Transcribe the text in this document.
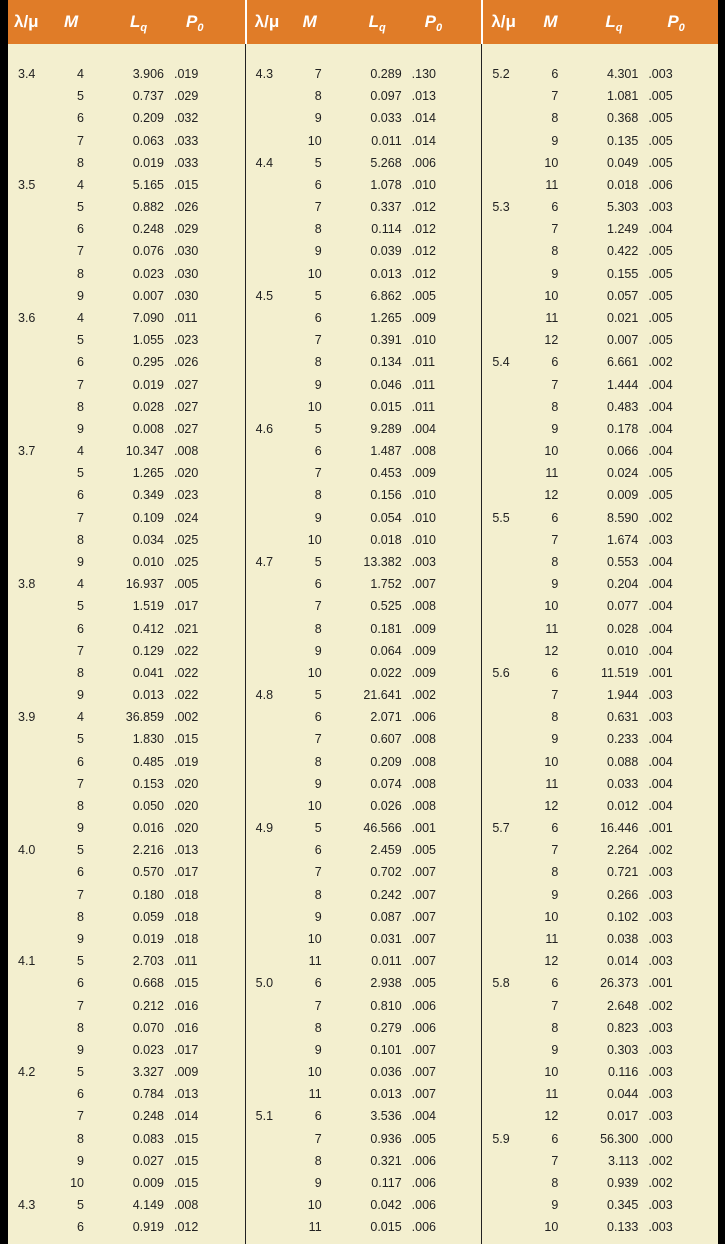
λ/μ M	$L_q$ $P_0$	λ/μ M	$L_q$ $P_0$	λ/μ M	$L_q$	$P_0$
3.4	4	3.906 .019
5	0.737 .029
6	0.209 .032
7	0.063 .033
8	0.019 .033
3.5	4	5.165 .015
5	0.882 .026
6	0.248 .029
7	0.076 .030
8	0.023 .030
9	0.007 .030
3.6	4	7.090 .011
5	1.055 .023
6	0.295 .026
7	0.019 .027
8	0.028 .027
9	0.008 .027
3.7	4	10.347 .008
5	1.265 .020
6	0.349 .023
7	0.109 .024
8	0.034 .025
9	0.010 .025
3.8	4	16.937 .005
5	1.519 .017
6	0.412 .021
7	0.129 .022
8	0.041 .022
9	0.013 .022
3.9	4	36.859 .002
5	1.830 .015
6	0.485 .019
7	0.153 .020
8	0.050 .020
9	0.016 .020
4.0	5	2.216 .013
6	0.570 .017
7	0.180 .018
8	0.059 .018
9	0.019 .018
4.1	5	2.703 .011
6	0.668 .015
7	0.212 .016
8	0.070 .016
9	0.023 .017
4.2	5	3.327 .009
6	0.784 .013
7	0.248 .014
8	0.083 .015
9	0.027 .015
10	0.009 .015
4.3	5	4.149 .008
6	0.919 .012
4.3	7	0.289 .130
8	0.097 .013
9	0.033 .014
10	0.011 .014
4.4	5	5.268 .006
6	1.078 .010
7	0.337 .012
8	0.114 .012
9	0.039 .012
10	0.013 .012
4.5	5	6.862 .005
6	1.265 .009
7	0.391 .010
8	0.134 .011
9	0.046 .011
10	0.015 .011
4.6	5	9.289 .004
6	1.487 .008
7	0.453 .009
8	0.156 .010
9	0.054 .010
10	0.018 .010
4.7	5	13.382 .003
6	1.752 .007
7	0.525 .008
8	0.181 .009
9	0.064 .009
10	0.022 .009
4.8	5	21.641 .002
6	2.071 .006
7	0.607 .008
8	0.209 .008
9	0.074 .008
10	0.026 .008
4.9	5	46.566 .001
6	2.459 .005
7	0.702 .007
8	0.242 .007
9	0.087 .007
10	0.031 .007
11	0.011 .007
5.0	6	2.938 .005
7	0.810 .006
8	0.279 .006
9	0.101 .007
10	0.036 .007
11	0.013 .007
5.1	6	3.536 .004
7	0.936 .005
8	0.321 .006
9	0.117 .006
10	0.042 .006
11	0.015 .006
5.2	6	4.301 .003
7	1.081 .005
8	0.368 .005
9	0.135 .005
10	0.049 .005
11	0.018 .006
5.3	6	5.303 .003
7	1.249 .004
8	0.422 .005
9	0.155 .005
10	0.057 .005
11	0.021 .005
12	0.007 .005
5.4	6	6.661 .002
7	1.444 .004
8	0.483 .004
9	0.178 .004
10	0.066 .004
11	0.024 .005
12	0.009 .005
5.5	6	8.590 .002
7	1.674 .003
8	0.553 .004
9	0.204 .004
10	0.077 .004
11	0.028 .004
12	0.010 .004
5.6	6	11.519 .001
7	1.944 .003
8	0.631 .003
9	0.233 .004
10	0.088 .004
11	0.033 .004
12	0.012 .004
5.7	6	16.446 .001
7	2.264 .002
8	0.721 .003
9	0.266 .003
10	0.102 .003
11	0.038 .003
12	0.014 .003
5.8	6	26.373 .001
7	2.648 .002
8	0.823 .003
9	0.303 .003
10	0.116 .003
11	0.044 .003
12	0.017 .003
5.9	6	56.300 .000
7	3.113 .002
8	0.939 .002
9	0.345 .003
10	0.133 .003
